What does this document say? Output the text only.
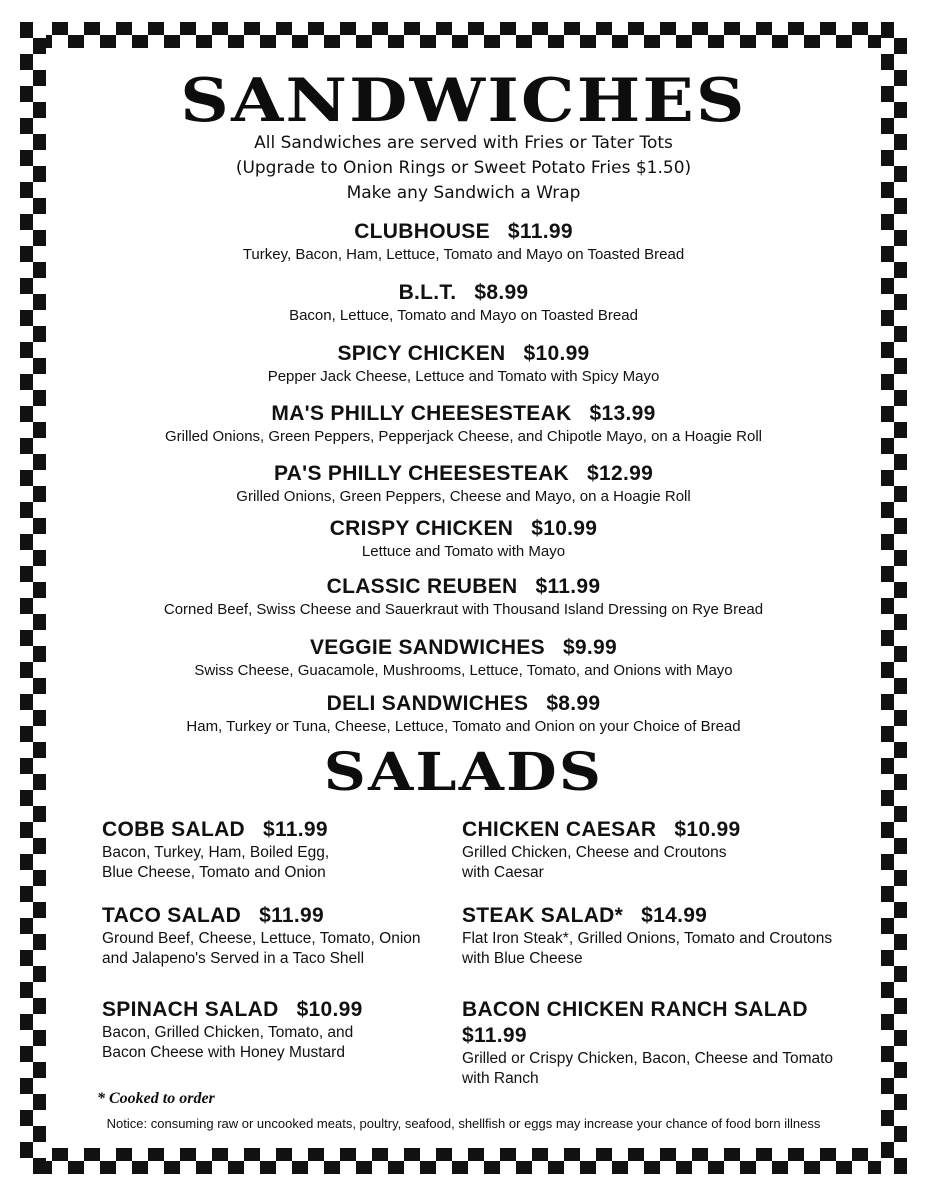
SANDWICHES
All Sandwiches are served with Fries or Tater Tots
(Upgrade to Onion Rings or Sweet Potato Fries $1.50)
Make any Sandwich a Wrap
CLUBHOUSE $11.99
Turkey, Bacon, Ham, Lettuce, Tomato and Mayo on Toasted Bread
B.L.T. $8.99
Bacon, Lettuce, Tomato and Mayo on Toasted Bread
SPICY CHICKEN $10.99
Pepper Jack Cheese, Lettuce and Tomato with Spicy Mayo
MA'S PHILLY CHEESESTEAK $13.99
Grilled Onions, Green Peppers, Pepperjack Cheese, and Chipotle Mayo, on a Hoagie Roll
PA'S PHILLY CHEESESTEAK $12.99
Grilled Onions, Green Peppers, Cheese and Mayo, on a Hoagie Roll
CRISPY CHICKEN $10.99
Lettuce and Tomato with Mayo
CLASSIC REUBEN $11.99
Corned Beef, Swiss Cheese and Sauerkraut with Thousand Island Dressing on Rye Bread
VEGGIE SANDWICHES $9.99
Swiss Cheese, Guacamole, Mushrooms, Lettuce, Tomato, and Onions with Mayo
DELI SANDWICHES $8.99
Ham, Turkey or Tuna, Cheese, Lettuce, Tomato and Onion on your Choice of Bread
SALADS
COBB SALAD $11.99
Bacon, Turkey, Ham, Boiled Egg,
Blue Cheese, Tomato and Onion
CHICKEN CAESAR $10.99
Grilled Chicken, Cheese and Croutons
with Caesar
TACO SALAD $11.99
Ground Beef, Cheese, Lettuce, Tomato, Onion
and Jalapeno's Served in a Taco Shell
STEAK SALAD* $14.99
Flat Iron Steak*, Grilled Onions, Tomato and Croutons
with Blue Cheese
SPINACH SALAD $10.99
Bacon, Grilled Chicken, Tomato, and
Bacon Cheese with Honey Mustard
BACON CHICKEN RANCH SALAD
$11.99
Grilled or Crispy Chicken, Bacon, Cheese and Tomato
with Ranch
* Cooked to order
Notice: consuming raw or uncooked meats, poultry, seafood, shellfish or eggs may increase your chance of food born illness
